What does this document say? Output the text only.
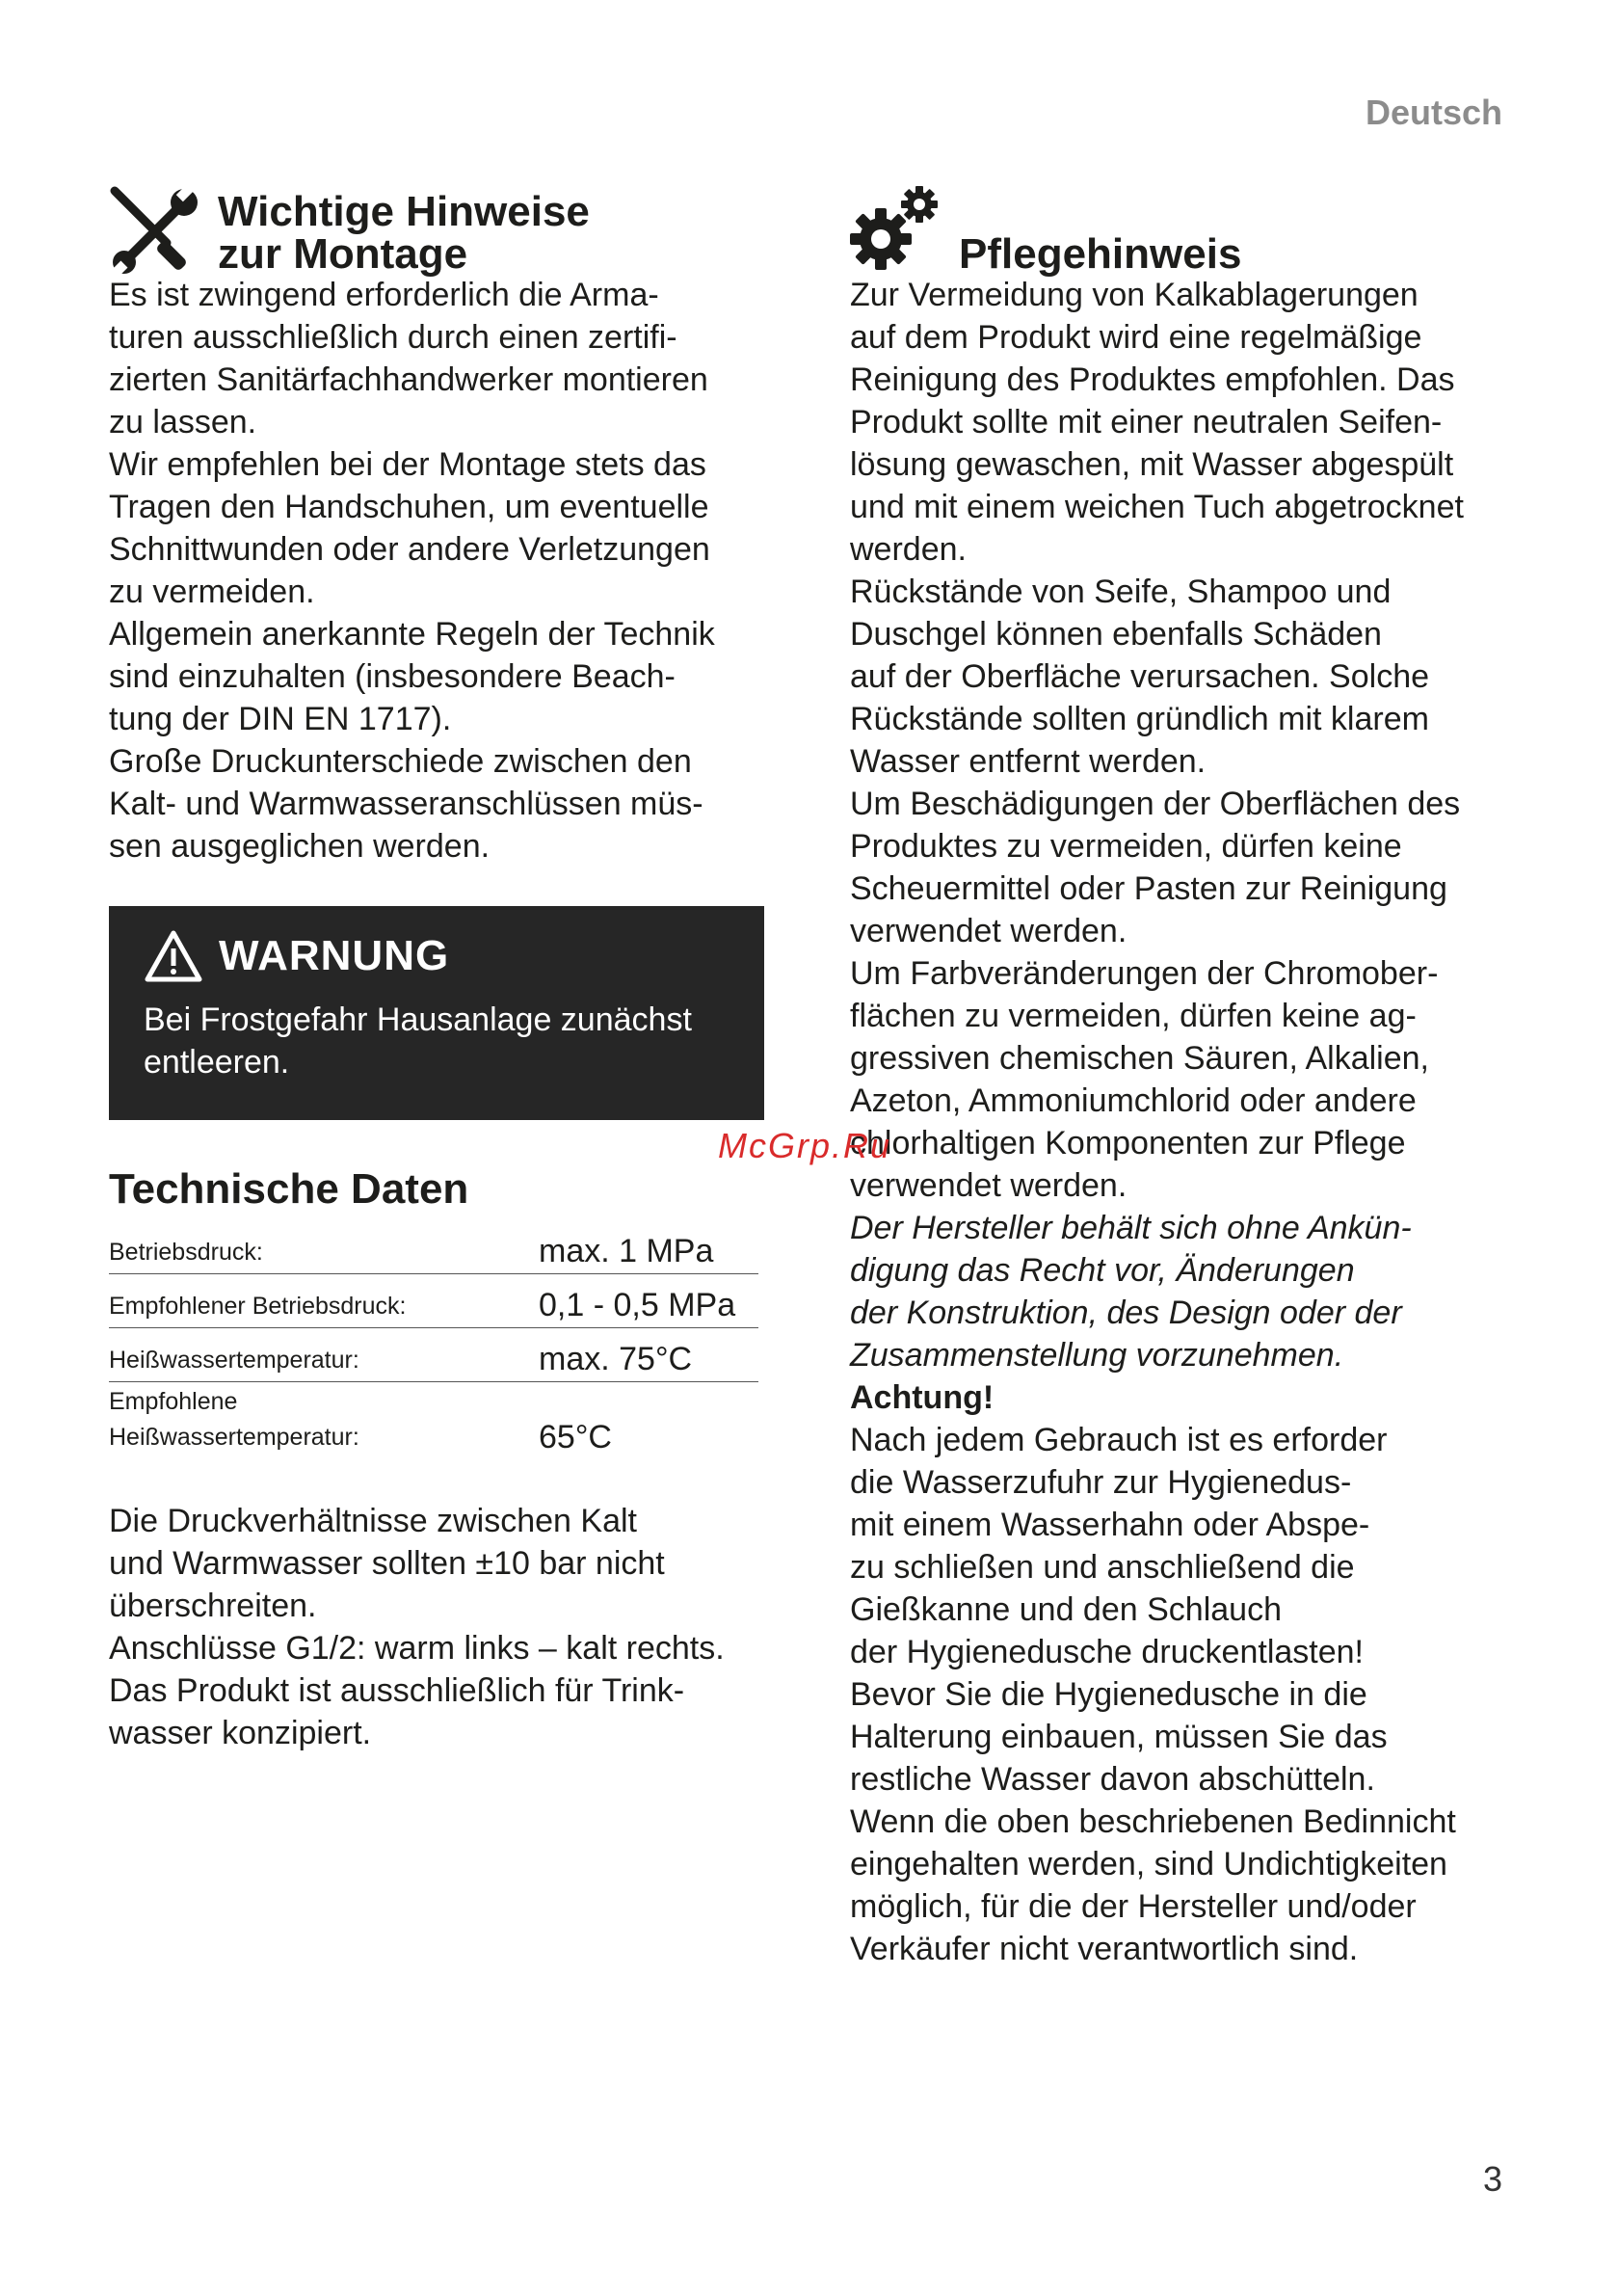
Deutsch
Wichtige Hinweise
zur Montage

Es ist zwingend erforderlich die Arma-
turen ausschließlich durch einen zertifi-
zierten Sanitärfachhandwerker montieren
zu lassen.

Wir empfehlen bei der Montage stets das
Tragen den Handschuhen, um eventuelle
Schnittwunden oder andere Verletzungen
zu vermeiden.

Allgemein anerkannte Regeln der Technik
sind einzuhalten (insbesondere Beach-
tung der DIN EN 1717).

Große Druckunterschiede zwischen den
Kalt- und Warmwasseranschlüssen müs-
sen ausgeglichen werden.

WARNUNG

Bei Frostgefahr Hausanlage zunächst
entleeren.

Technische Daten
Betriebsdruck:	max. 1 MPa
Empfohlener Betriebsdruck:	0,1 - 0,5 MPa
Heißwassertemperatur:	max. 75°C
Empfohlene
Heißwassertemperatur:	65°C

Die Druckverhältnisse zwischen Kalt
und Warmwasser sollten ±10 bar nicht
überschreiten.

Anschlüsse G1/2: warm links – kalt rechts.

Das Produkt ist ausschließlich für Trink-
wasser konzipiert.

Pflegehinweis

Zur Vermeidung von Kalkablagerungen
auf dem Produkt wird eine regelmäßige
Reinigung des Produktes empfohlen. Das
Produkt sollte mit einer neutralen Seifen-
lösung gewaschen, mit Wasser abgespült
und mit einem weichen Tuch abgetrocknet
werden.

Rückstände von Seife, Shampoo und
Duschgel können ebenfalls Schäden
auf der Oberfläche verursachen. Solche
Rückstände sollten gründlich mit klarem
Wasser entfernt werden.

Um Beschädigungen der Oberflächen des
Produktes zu vermeiden, dürfen keine
Scheuermittel oder Pasten zur Reinigung
verwendet werden.

Um Farbveränderungen der Chromober-
flächen zu vermeiden, dürfen keine ag-
gressiven chemischen Säuren, Alkalien,
Azeton, Ammoniumchlorid oder andere
chlorhaltigen Komponenten zur Pflege
verwendet werden.

Der Hersteller behält sich ohne Ankün-
digung das Recht vor, Änderungen
der Konstruktion, des Design oder der
Zusammenstellung vorzunehmen.

Achtung!

Nach jedem Gebrauch ist es erforder
die Wasserzufuhr zur Hygienedus-
mit einem Wasserhahn oder Abspe-
zu schließen und anschließend die
Gießkanne und den Schlauch
der Hygienedusche druckentlasten!
Bevor Sie die Hygienedusche in die
Halterung einbauen, müssen Sie das
restliche Wasser davon abschütteln.
Wenn die oben beschriebenen Bedinnicht
eingehalten werden, sind Undichtigkeiten
möglich, für die der Hersteller und/oder
Verkäufer nicht verantwortlich sind.

McGrp.Ru
3
